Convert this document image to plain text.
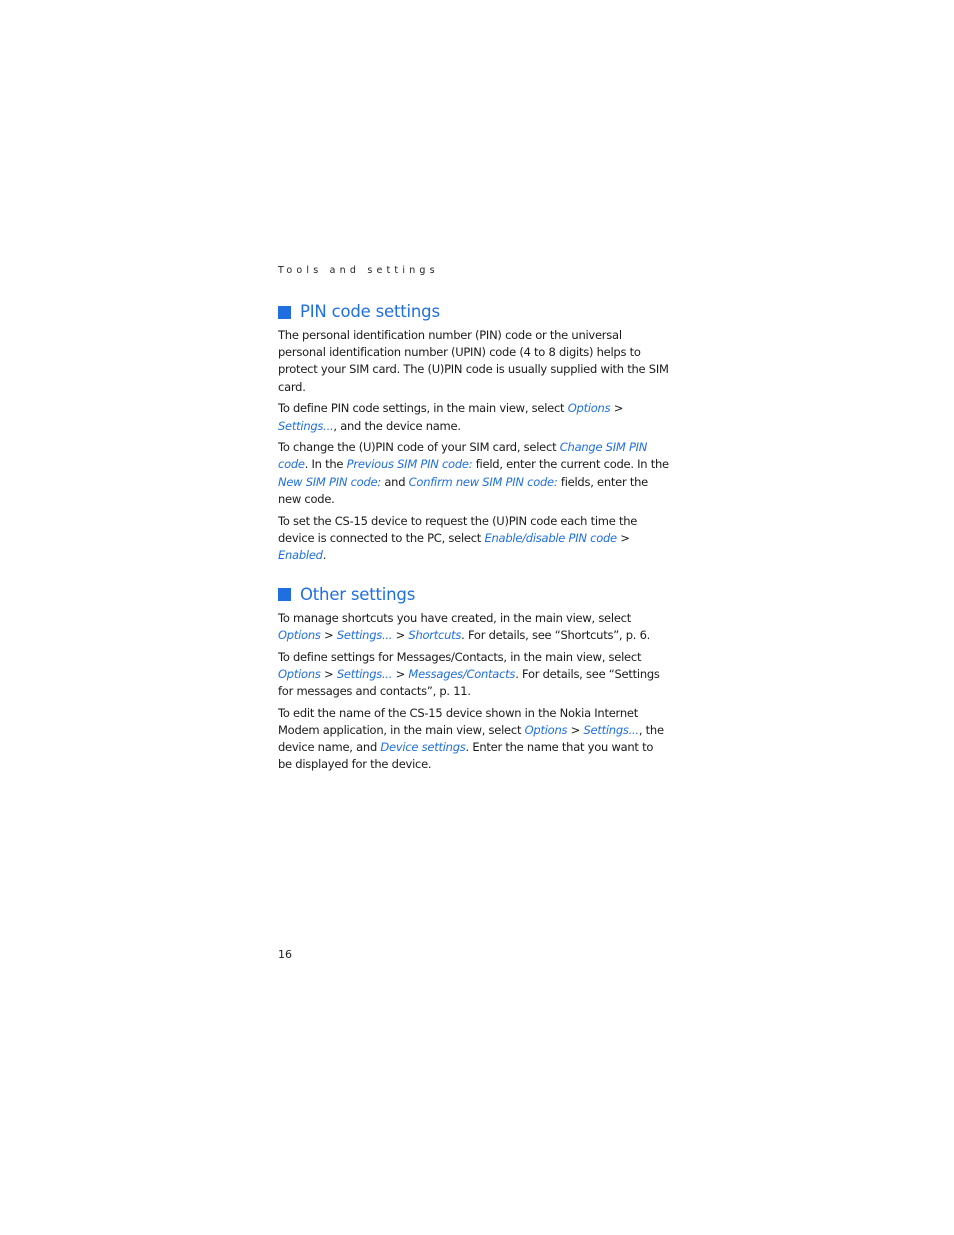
Tools and settings
PIN code settings

The personal identification number (PIN) code or the universal personal identification number (UPIN) code (4 to 8 digits) helps to protect your SIM card. The (U)PIN code is usually supplied with the SIM card.

To define PIN code settings, in the main view, select Options > Settings..., and the device name.

To change the (U)PIN code of your SIM card, select Change SIM PIN code. In the Previous SIM PIN code: field, enter the current code. In the New SIM PIN code: and Confirm new SIM PIN code: fields, enter the new code.

To set the CS-15 device to request the (U)PIN code each time the device is connected to the PC, select Enable/disable PIN code > Enabled.

Other settings

To manage shortcuts you have created, in the main view, select Options > Settings... > Shortcuts. For details, see “Shortcuts”, p. 6.

To define settings for Messages/Contacts, in the main view, select Options > Settings... > Messages/Contacts. For details, see “Settings for messages and contacts”, p. 11.

To edit the name of the CS-15 device shown in the Nokia Internet Modem application, in the main view, select Options > Settings..., the device name, and Device settings. Enter the name that you want to be displayed for the device.

16
